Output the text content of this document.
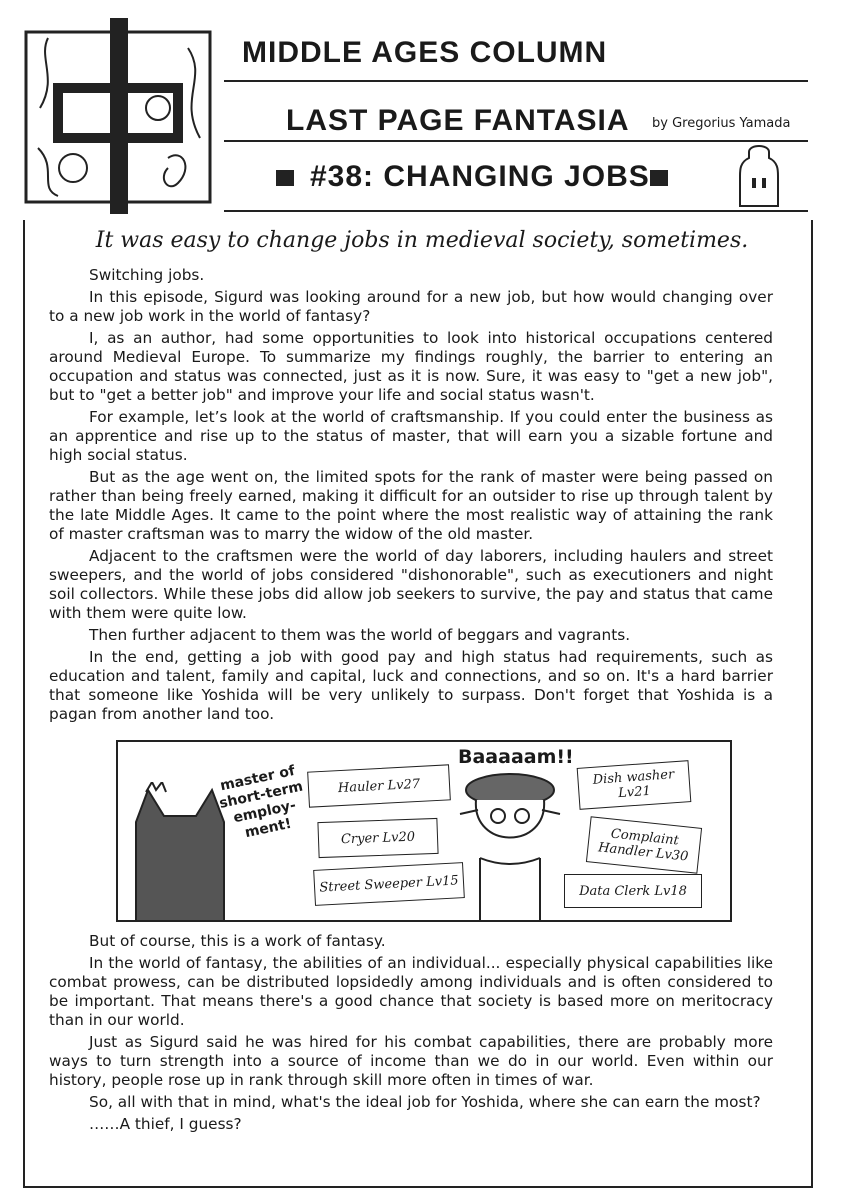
MIDDLE AGES COLUMN
LAST PAGE FANTASIA by Gregorius Yamada
#38: CHANGING JOBS
It was easy to change jobs in medieval society, sometimes.

Switching jobs.

In this episode, Sigurd was looking around for a new job, but how would changing over to a new job work in the world of fantasy?

I, as an author, had some opportunities to look into historical occupations centered around Medieval Europe. To summarize my findings roughly, the barrier to entering an occupation and status was connected, just as it is now. Sure, it was easy to "get a new job", but to "get a better job" and improve your life and social status wasn't.

For example, let’s look at the world of craftsmanship. If you could enter the business as an apprentice and rise up to the status of master, that will earn you a sizable fortune and high social status.

But as the age went on, the limited spots for the rank of master were being passed on rather than being freely earned, making it difficult for an outsider to rise up through talent by the late Middle Ages. It came to the point where the most realistic way of attaining the rank of master craftsman was to marry the widow of the old master.

Adjacent to the craftsmen were the world of day laborers, including haulers and street sweepers, and the world of jobs considered "dishonorable", such as executioners and night soil collectors. While these jobs did allow job seekers to survive, the pay and status that came with them were quite low.

Then further adjacent to them was the world of beggars and vagrants.

In the end, getting a job with good pay and high status had requirements, such as education and talent, family and capital, luck and connections, and so on. It's a hard barrier that someone like Yoshida will be very unlikely to surpass. Don't forget that Yoshida is a pagan from another land too.

master of short-term employ-ment!
Baaaaam!!
Hauler Lv27
Cryer Lv20
Street Sweeper Lv15
Dish washer Lv21
Complaint Handler Lv30
Data Clerk Lv18

But of course, this is a work of fantasy.

In the world of fantasy, the abilities of an individual... especially physical capabilities like combat prowess, can be distributed lopsidedly among individuals and is often considered to be important. That means there's a good chance that society is based more on meritocracy than in our world.

Just as Sigurd said he was hired for his combat capabilities, there are probably more ways to turn strength into a source of income than we do in our world. Even within our history, people rose up in rank through skill more often in times of war.

So, all with that in mind, what's the ideal job for Yoshida, where she can earn the most?

……A thief, I guess?
